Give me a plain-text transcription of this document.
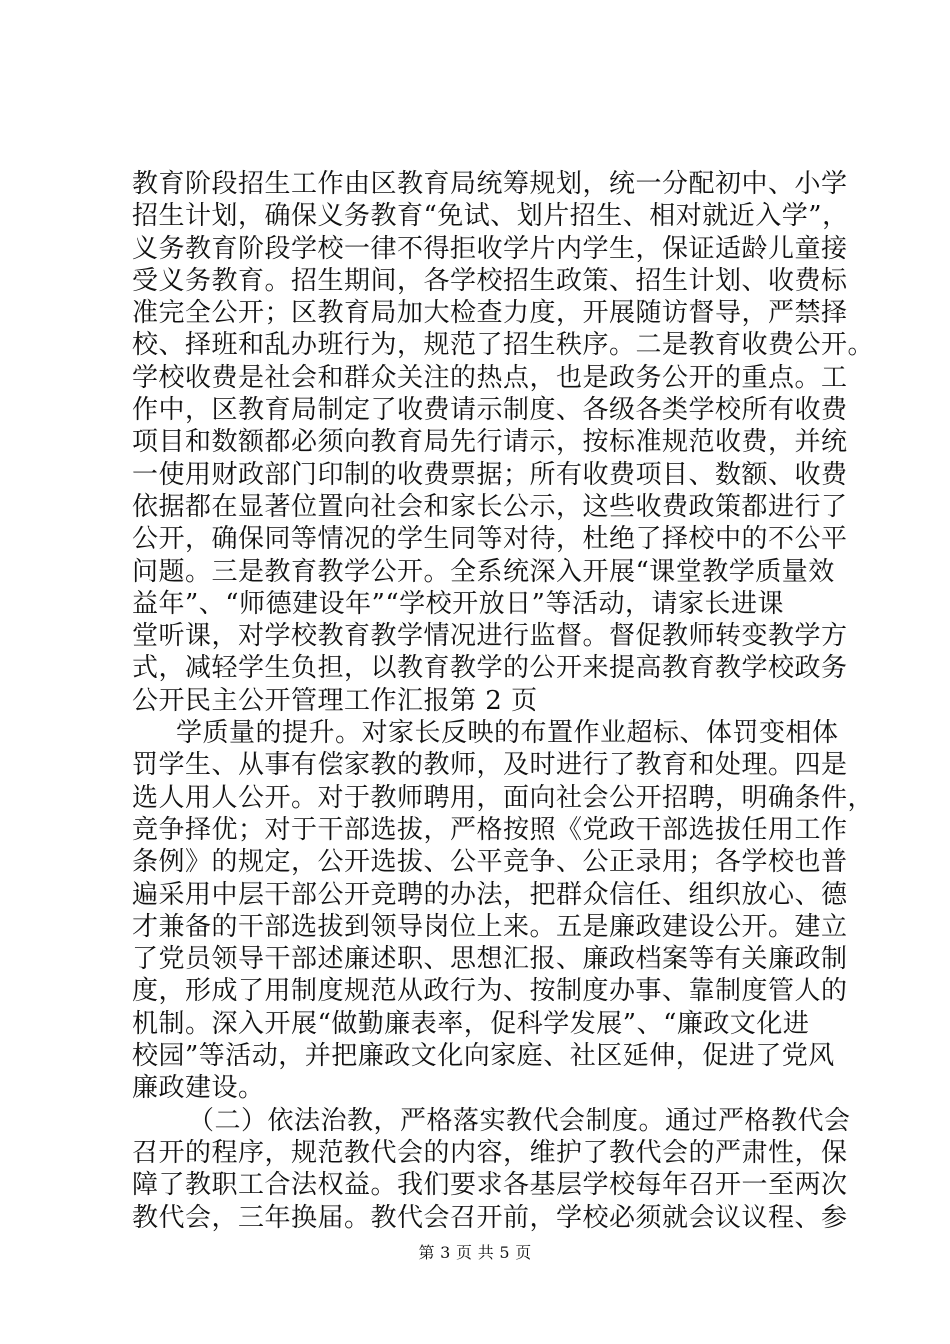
教育阶段招生工作由区教育局统筹规划，统一分配初中、小学
招生计划，确保义务教育“免试、划片招生、相对就近入学”，
义务教育阶段学校一律不得拒收学片内学生，保证适龄儿童接
受义务教育。招生期间，各学校招生政策、招生计划、收费标
准完全公开；区教育局加大检查力度，开展随访督导，严禁择
校、择班和乱办班行为，规范了招生秩序。二是教育收费公开。
学校收费是社会和群众关注的热点，也是政务公开的重点。工
作中，区教育局制定了收费请示制度、各级各类学校所有收费
项目和数额都必须向教育局先行请示，按标准规范收费，并统
一使用财政部门印制的收费票据；所有收费项目、数额、收费
依据都在显著位置向社会和家长公示，这些收费政策都进行了
公开，确保同等情况的学生同等对待，杜绝了择校中的不公平
问题。三是教育教学公开。全系统深入开展“课堂教学质量效
益年”、“师德建设年”“学校开放日”等活动，请家长进课
堂听课，对学校教育教学情况进行监督。督促教师转变教学方
式，减轻学生负担，以教育教学的公开来提高教育教学校政务
公开民主公开管理工作汇报第 2 页
学质量的提升。对家长反映的布置作业超标、体罚变相体
罚学生、从事有偿家教的教师，及时进行了教育和处理。四是
选人用人公开。对于教师聘用，面向社会公开招聘，明确条件，
竞争择优；对于干部选拔，严格按照《党政干部选拔任用工作
条例》的规定，公开选拔、公平竞争、公正录用；各学校也普
遍采用中层干部公开竞聘的办法，把群众信任、组织放心、德
才兼备的干部选拔到领导岗位上来。五是廉政建设公开。建立
了党员领导干部述廉述职、思想汇报、廉政档案等有关廉政制
度，形成了用制度规范从政行为、按制度办事、靠制度管人的
机制。深入开展“做勤廉表率，促科学发展”、“廉政文化进
校园”等活动，并把廉政文化向家庭、社区延伸，促进了党风
廉政建设。
（二）依法治教，严格落实教代会制度。通过严格教代会
召开的程序，规范教代会的内容，维护了教代会的严肃性，保
障了教职工合法权益。我们要求各基层学校每年召开一至两次
教代会，三年换届。教代会召开前，学校必须就会议议程、参
第 3 页 共 5 页
